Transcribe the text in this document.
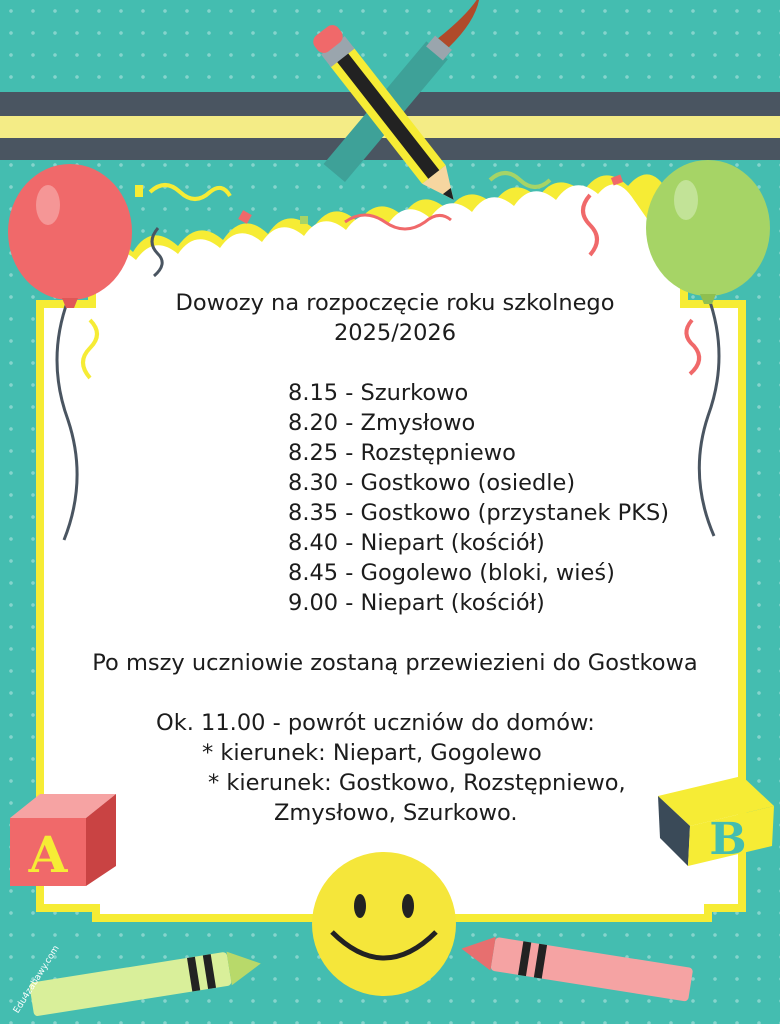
A	B
Dowozy na rozpoczęcie roku szkolnego
2025/2026
8.15 - Szurkowo
8.20 - Zmysłowo
8.25 - Rozstępniewo
8.30 - Gostkowo (osiedle)
8.35 - Gostkowo (przystanek PKS)
8.40 - Niepart (kościół)
8.45 - Gogolewo (bloki, wieś)
9.00 - Niepart (kościół)
Po mszy uczniowie zostaną przewiezieni do Gostkowa
Ok. 11.00 - powrót uczniów do domów:
* kierunek: Niepart, Gogolewo
* kierunek: Gostkowo, Rozstępniewo,
Zmysłowo, Szurkowo.
Edu4zabawy.com
